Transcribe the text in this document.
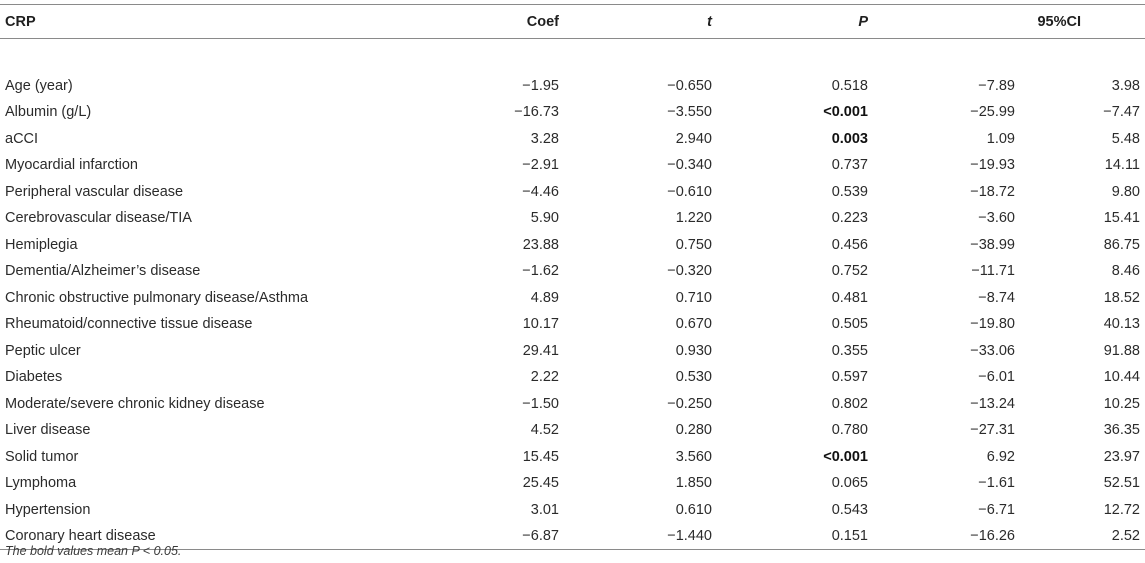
CRP	Coef	t	P	95%CI	

Age (year)	−1.95	−0.650	0.518	−7.89	3.98
Albumin (g/L)	−16.73	−3.550	<0.001	−25.99	−7.47
aCCI	3.28	2.940	0.003	1.09	5.48
Myocardial infarction	−2.91	−0.340	0.737	−19.93	14.11
Peripheral vascular disease	−4.46	−0.610	0.539	−18.72	9.80
Cerebrovascular disease/TIA	5.90	1.220	0.223	−3.60	15.41
Hemiplegia	23.88	0.750	0.456	−38.99	86.75
Dementia/Alzheimer’s disease	−1.62	−0.320	0.752	−11.71	8.46
Chronic obstructive pulmonary disease/Asthma	4.89	0.710	0.481	−8.74	18.52
Rheumatoid/connective tissue disease	10.17	0.670	0.505	−19.80	40.13
Peptic ulcer	29.41	0.930	0.355	−33.06	91.88
Diabetes	2.22	0.530	0.597	−6.01	10.44
Moderate/severe chronic kidney disease	−1.50	−0.250	0.802	−13.24	10.25
Liver disease	4.52	0.280	0.780	−27.31	36.35
Solid tumor	15.45	3.560	<0.001	6.92	23.97
Lymphoma	25.45	1.850	0.065	−1.61	52.51
Hypertension	3.01	0.610	0.543	−6.71	12.72
Coronary heart disease	−6.87	−1.440	0.151	−16.26	2.52
The bold values mean P < 0.05.
